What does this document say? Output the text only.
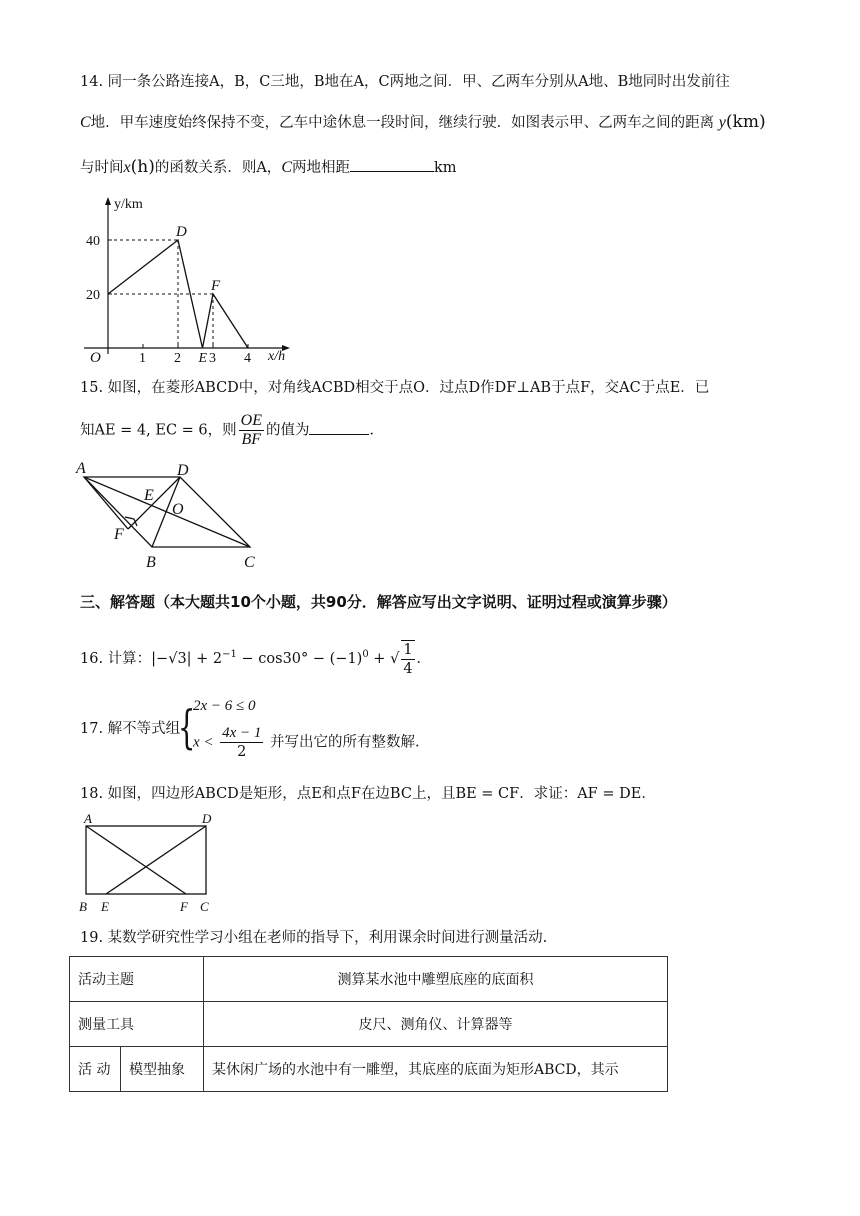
14. 同一条公路连接A，B，C三地，B地在A，C两地之间．甲、乙两车分别从A地、B地同时出发前往
C地．甲车速度始终保持不变，乙车中途休息一段时间，继续行驶．如图表示甲、乙两车之间的距离 y(km)
与时间x(h)的函数关系．则A，C两地相距	km
y/km
x/h
O
20
40
1 2 E 3 4
D
F
15. 如图，在菱形ABCD中，对角线ACBD相交于点O．过点D作DF⊥AB于点F，交AC于点E．已
知AE = 4, EC = 6，则 $\frac{OE}{BF}$ 的值为	．
A	D
E
O
F
B	C
三、解答题（本大题共10个小题，共90分．解答应写出文字说明、证明过程或演算步骤）
16. 计算：$|-√3| + 2^{-1} - \cos 30^\circ - (-1)^0$ + √ $\frac{1}{4}$ ．
17. 解不等式组
{
2x − 6 ≤ 0
$x < \frac{4x - 1}{2}$ 并写出它的所有整数解.
18. 如图，四边形ABCD是矩形，点E和点F在边BC上，且BE = CF．求证：AF = DE．
A	D
B E	F C
19. 某数学研究性学习小组在老师的指导下，利用课余时间进行测量活动.
活动主题		测算某水池中雕塑底座的底面积
测量工具		皮尺、测角仪、计算器等
活 动	模型抽象	某休闲广场的水池中有一雕塑，其底座的底面为矩形ABCD，其示
